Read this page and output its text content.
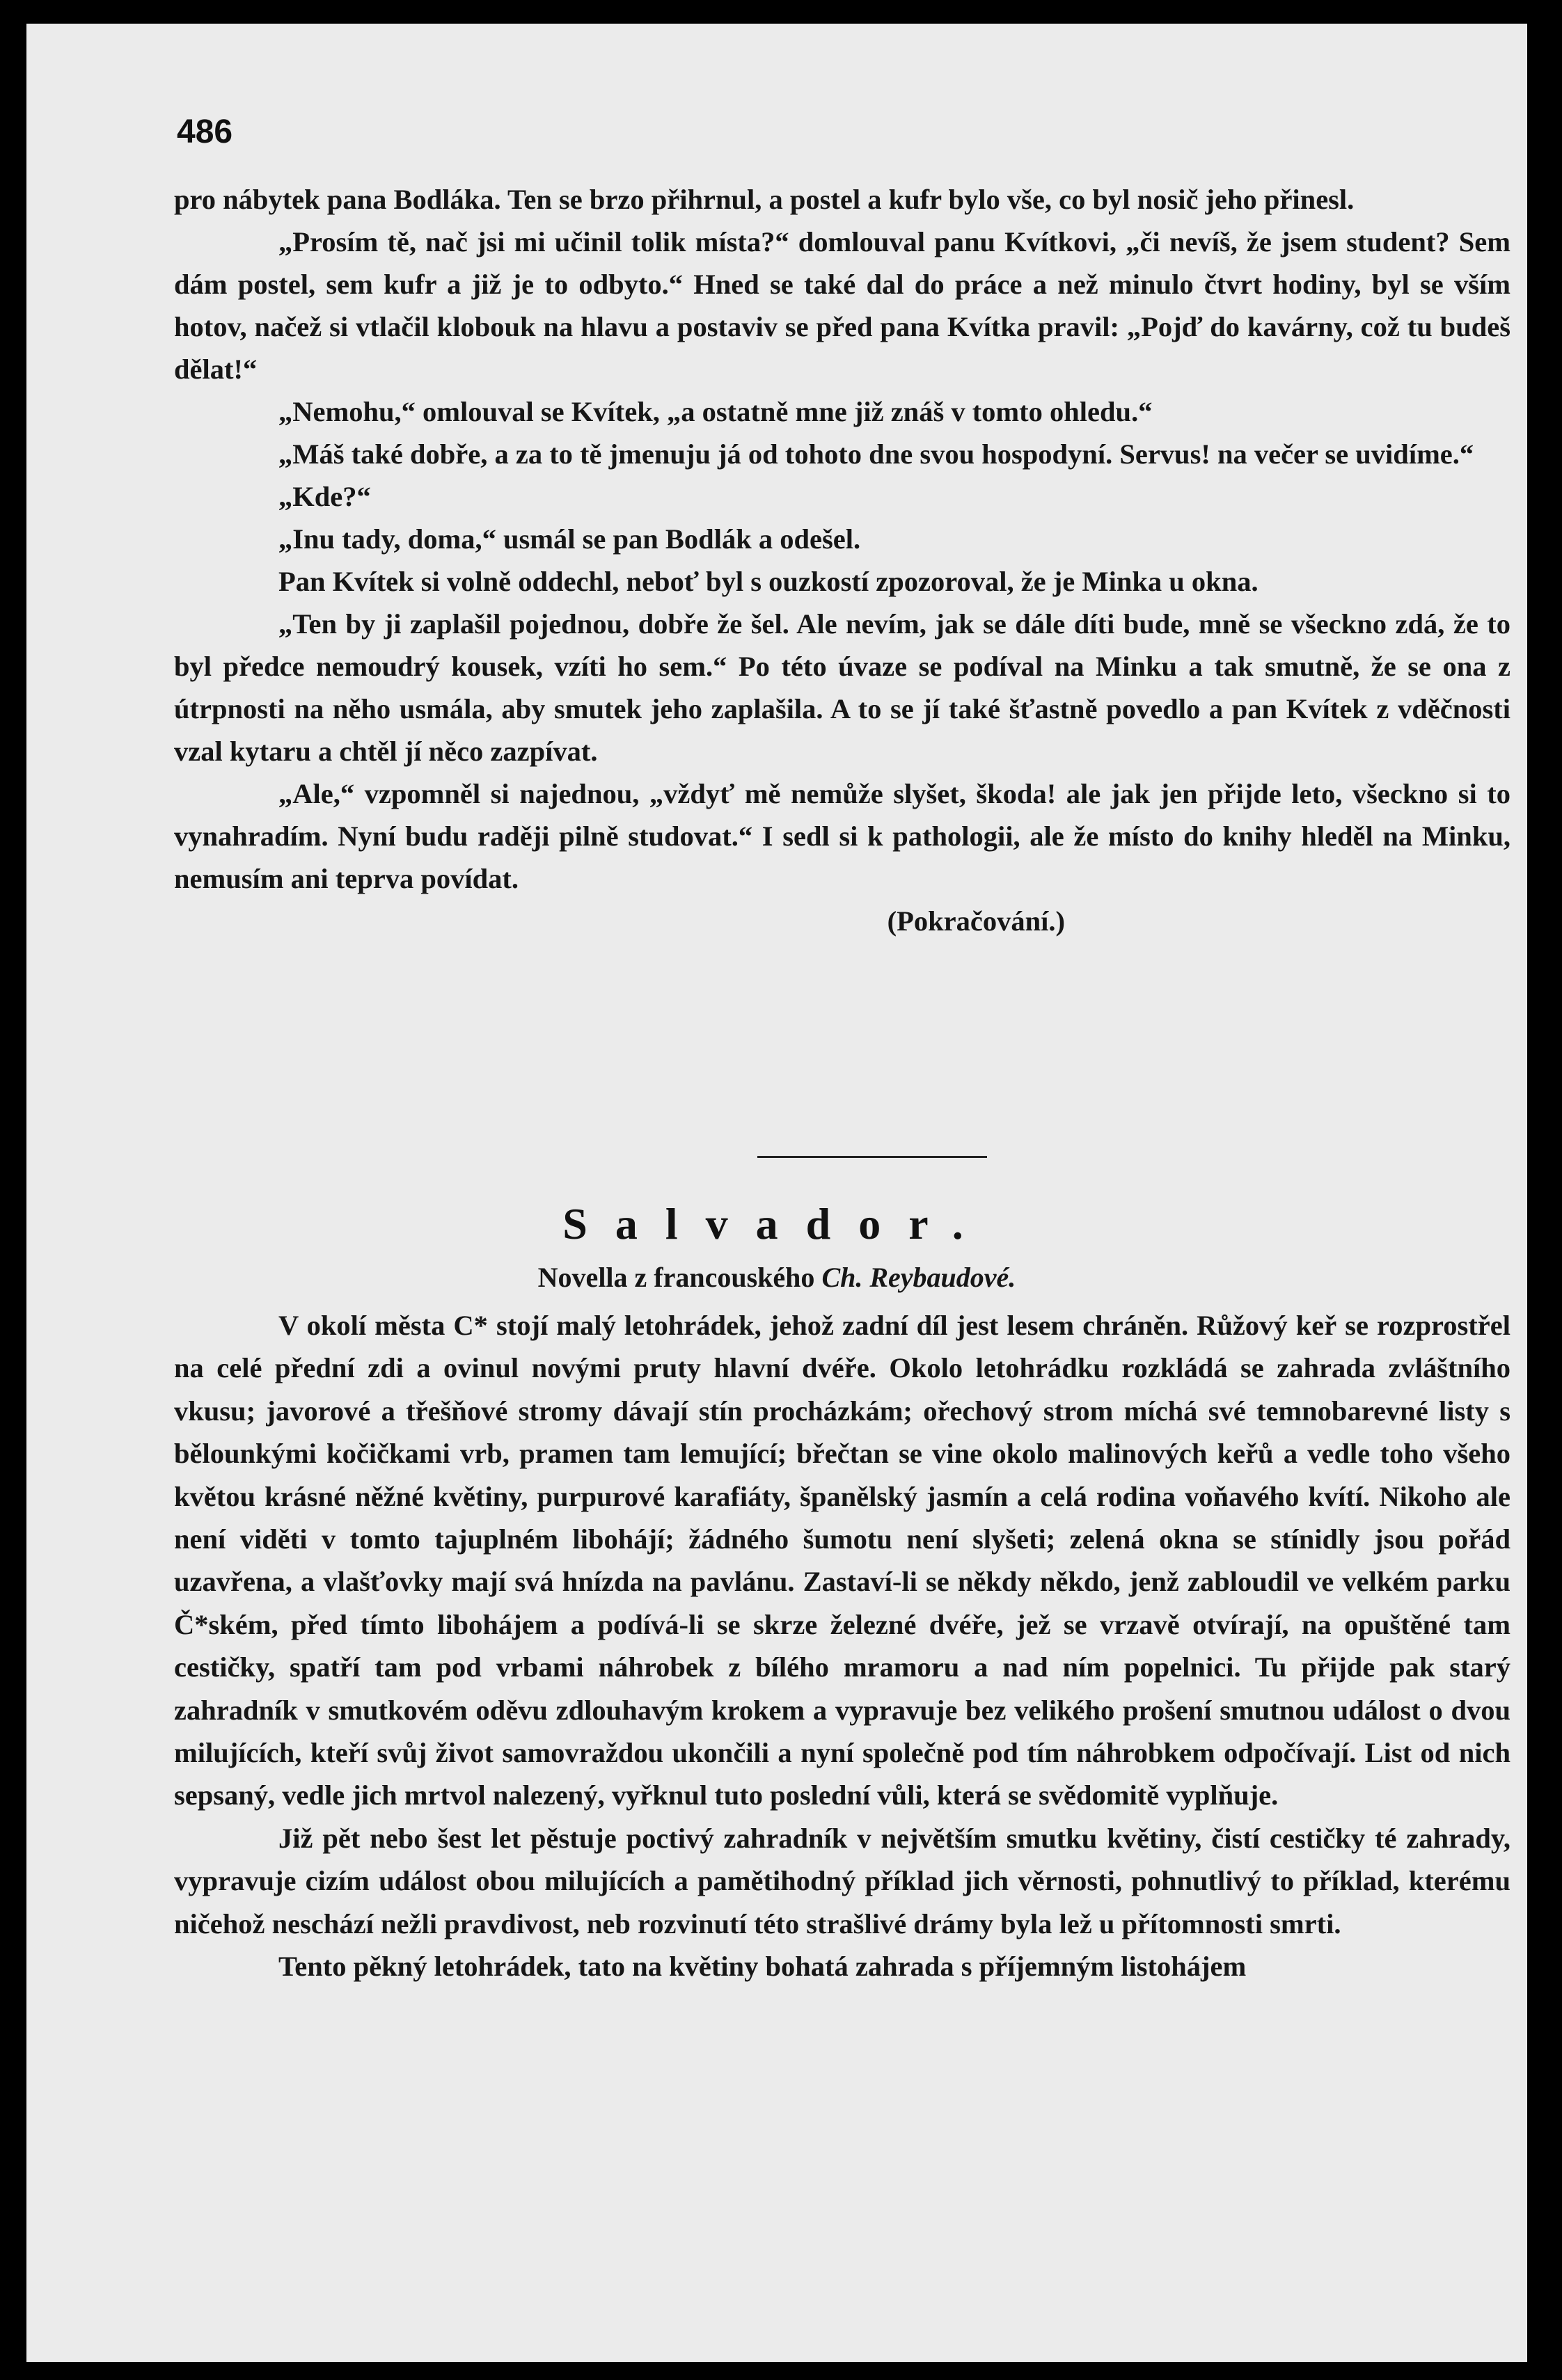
486

pro nábytek pana Bodláka. Ten se brzo přihrnul, a postel a kufr bylo vše, co byl nosič jeho přinesl.

„Prosím tě, nač jsi mi učinil tolik místa?“ domlouval panu Kvítkovi, „či nevíš, že jsem student? Sem dám postel, sem kufr a již je to odbyto.“ Hned se také dal do práce a než minulo čtvrt hodiny, byl se vším hotov, načež si vtlačil klobouk na hlavu a postaviv se před pana Kvítka pravil: „Pojď do kavárny, což tu budeš dělat!“

„Nemohu,“ omlouval se Kvítek, „a ostatně mne již znáš v tomto ohledu.“

„Máš také dobře, a za to tě jmenuju já od tohoto dne svou hospodyní. Servus! na večer se uvidíme.“

„Kde?“

„Inu tady, doma,“ usmál se pan Bodlák a odešel.

Pan Kvítek si volně oddechl, neboť byl s ouzkostí zpozoroval, že je Minka u okna.

„Ten by ji zaplašil pojednou, dobře že šel. Ale nevím, jak se dále díti bude, mně se všeckno zdá, že to byl předce nemoudrý kousek, vzíti ho sem.“ Po této úvaze se podíval na Minku a tak smutně, že se ona z útrpnosti na něho usmála, aby smutek jeho zaplašila. A to se jí také šťastně povedlo a pan Kvítek z vděčnosti vzal kytaru a chtěl jí něco zazpívat.

„Ale,“ vzpomněl si najednou, „vždyť mě nemůže slyšet, škoda! ale jak jen přijde leto, všeckno si to vynahradím. Nyní budu raději pilně studovat.“ I sedl si k pathologii, ale že místo do knihy hleděl na Minku, nemusím ani teprva povídat.

(Pokračování.)

Salvador.
Novella z francouského Ch. Reybaudové.

V okolí města C* stojí malý letohrádek, jehož zadní díl jest lesem chráněn. Růžový keř se rozprostřel na celé přední zdi a ovinul novými pruty hlavní dvéře. Okolo letohrádku rozkládá se zahrada zvláštního vkusu; javorové a třešňové stromy dávají stín procházkám; ořechový strom míchá své temnobarevné listy s bělounkými kočičkami vrb, pramen tam lemující; břečtan se vine okolo malinových keřů a vedle toho všeho květou krásné něžné květiny, purpurové karafiáty, španělský jasmín a celá rodina voňavého kvítí. Nikoho ale není viděti v tomto tajuplném libohájí; žádného šumotu není slyšeti; zelená okna se stínidly jsou pořád uzavřena, a vlašťovky mají svá hnízda na pavlánu. Zastaví-li se někdy někdo, jenž zabloudil ve velkém parku Č*ském, před tímto libohájem a podívá-li se skrze železné dvéře, jež se vrzavě otvírají, na opuštěné tam cestičky, spatří tam pod vrbami náhrobek z bílého mramoru a nad ním popelnici. Tu přijde pak starý zahradník v smutkovém oděvu zdlouhavým krokem a vypravuje bez velikého prošení smutnou událost o dvou milujících, kteří svůj život samovraždou ukončili a nyní společně pod tím náhrobkem odpočívají. List od nich sepsaný, vedle jich mrtvol nalezený, vyřknul tuto poslední vůli, která se svědomitě vyplňuje.

Již pět nebo šest let pěstuje poctivý zahradník v největším smutku květiny, čistí cestičky té zahrady, vypravuje cizím událost obou milujících a pamětihodný příklad jich věrnosti, pohnutlivý to příklad, kterému ničehož neschází nežli pravdivost, neb rozvinutí této strašlivé drámy byla lež u přítomnosti smrti.

Tento pěkný letohrádek, tato na květiny bohatá zahrada s příjemným listohájem
